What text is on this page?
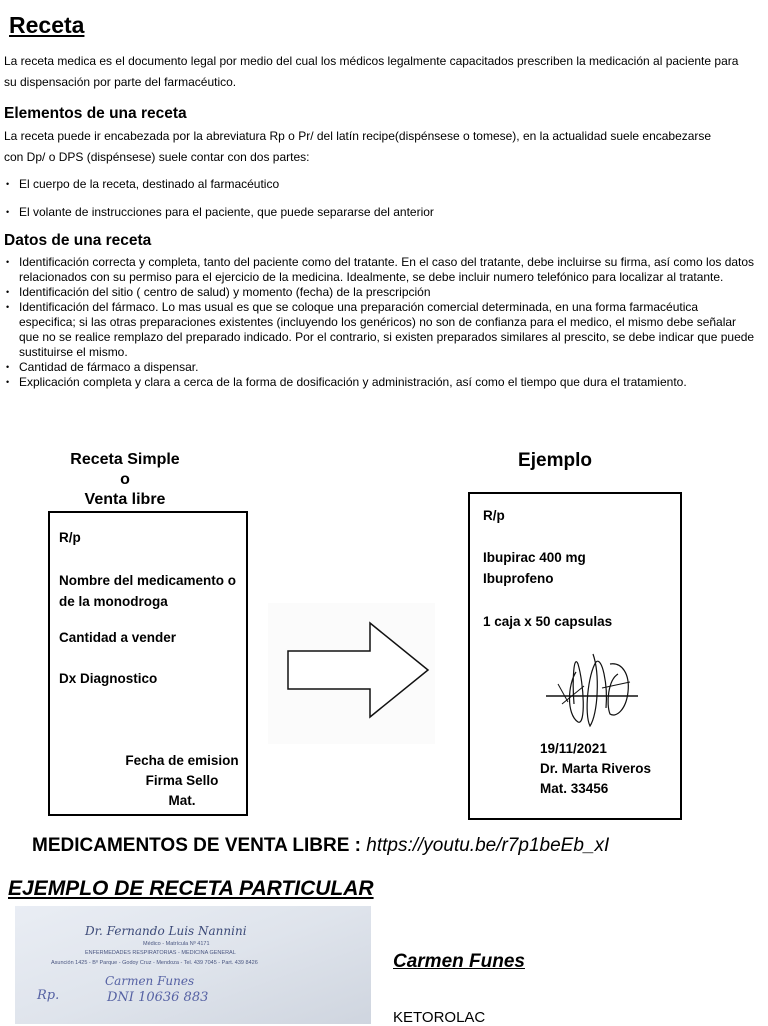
Receta
La receta medica es el documento legal por medio del cual los médicos legalmente capacitados prescriben la medicación al paciente para su dispensación por parte del farmacéutico.
Elementos de una receta
La receta puede ir encabezada por la abreviatura Rp o Pr/ del latín recipe(dispénsese o tomese), en la actualidad suele encabezarse con Dp/ o DPS (dispénsese) suele contar con dos partes:
• El cuerpo de la receta, destinado al farmacéutico
• El volante de instrucciones para el paciente, que puede separarse del anterior
Datos de una receta
• Identificación correcta y completa, tanto del paciente como del tratante. En el caso del tratante, debe incluirse su firma, así como los datos relacionados con su permiso para el ejercicio de la medicina. Idealmente, se debe incluir numero telefónico para localizar al tratante.
• Identificación del sitio ( centro de salud) y momento (fecha) de la prescripción
• Identificación del fármaco. Lo mas usual es que se coloque una preparación comercial determinada, en una forma farmacéutica especifica; si las otras preparaciones existentes (incluyendo los genéricos) no son de confianza para el medico, el mismo debe señalar que no se realice remplazo del preparado indicado. Por el contrario, si existen preparados similares al prescito, se debe indicar que puede sustituirse el mismo.
• Cantidad de fármaco a dispensar.
• Explicación completa y clara a cerca de la forma de dosificación y administración, así como el tiempo que dura el tratamiento.
Receta Simple
o
Venta libre
R/p
Nombre del medicamento o
de la monodroga
Cantidad a vender
Dx Diagnostico
Fecha de emision
Firma Sello
Mat.
Ejemplo
R/p
Ibupirac 400 mg
Ibuprofeno
1 caja x 50 capsulas
19/11/2021
Dr. Marta Riveros
Mat. 33456
MEDICAMENTOS DE VENTA LIBRE : https://youtu.be/r7p1beEb_xI
EJEMPLO DE RECETA PARTICULAR
Dr. Fernando Luis Nannini
Médico - Matrícula Nº 4171
ENFERMEDADES RESPIRATORIAS - MEDICINA GENERAL
Asunción 1425 - Bº Parque - Godoy Cruz - Mendoza - Tel. 439 7045 - Part. 439 8426
Rp.
Carmen Funes
DNI 10636 883
Carmen Funes
KETOROLAC
